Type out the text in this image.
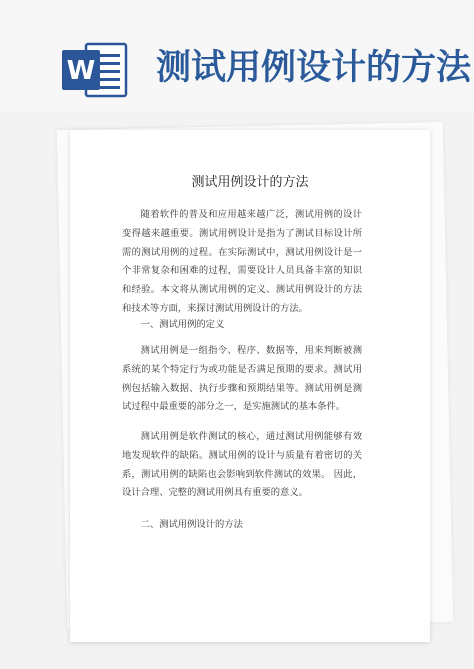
W 测试用例设计的方法
测试用例设计的方法

随着软件的普及和应用越来越广泛，测试用例的设计变得越来越重要。测试用例设计是指为了测试目标设计所需的测试用例的过程。在实际测试中，测试用例设计是一个非常复杂和困难的过程，需要设计人员具备丰富的知识和经验。本文将从测试用例的定义、测试用例设计的方法和技术等方面，来探讨测试用例设计的方法。

一、测试用例的定义

测试用例是一组指令、程序、数据等，用来判断被测系统的某个特定行为或功能是否满足预期的要求。测试用例包括输入数据、执行步骤和预期结果等。测试用例是测试过程中最重要的部分之一，是实施测试的基本条件。

测试用例是软件测试的核心，通过测试用例能够有效地发现软件的缺陷。测试用例的设计与质量有着密切的关系，测试用例的缺陷也会影响到软件测试的效果。 因此，设计合理、完整的测试用例具有重要的意义。

二、测试用例设计的方法
